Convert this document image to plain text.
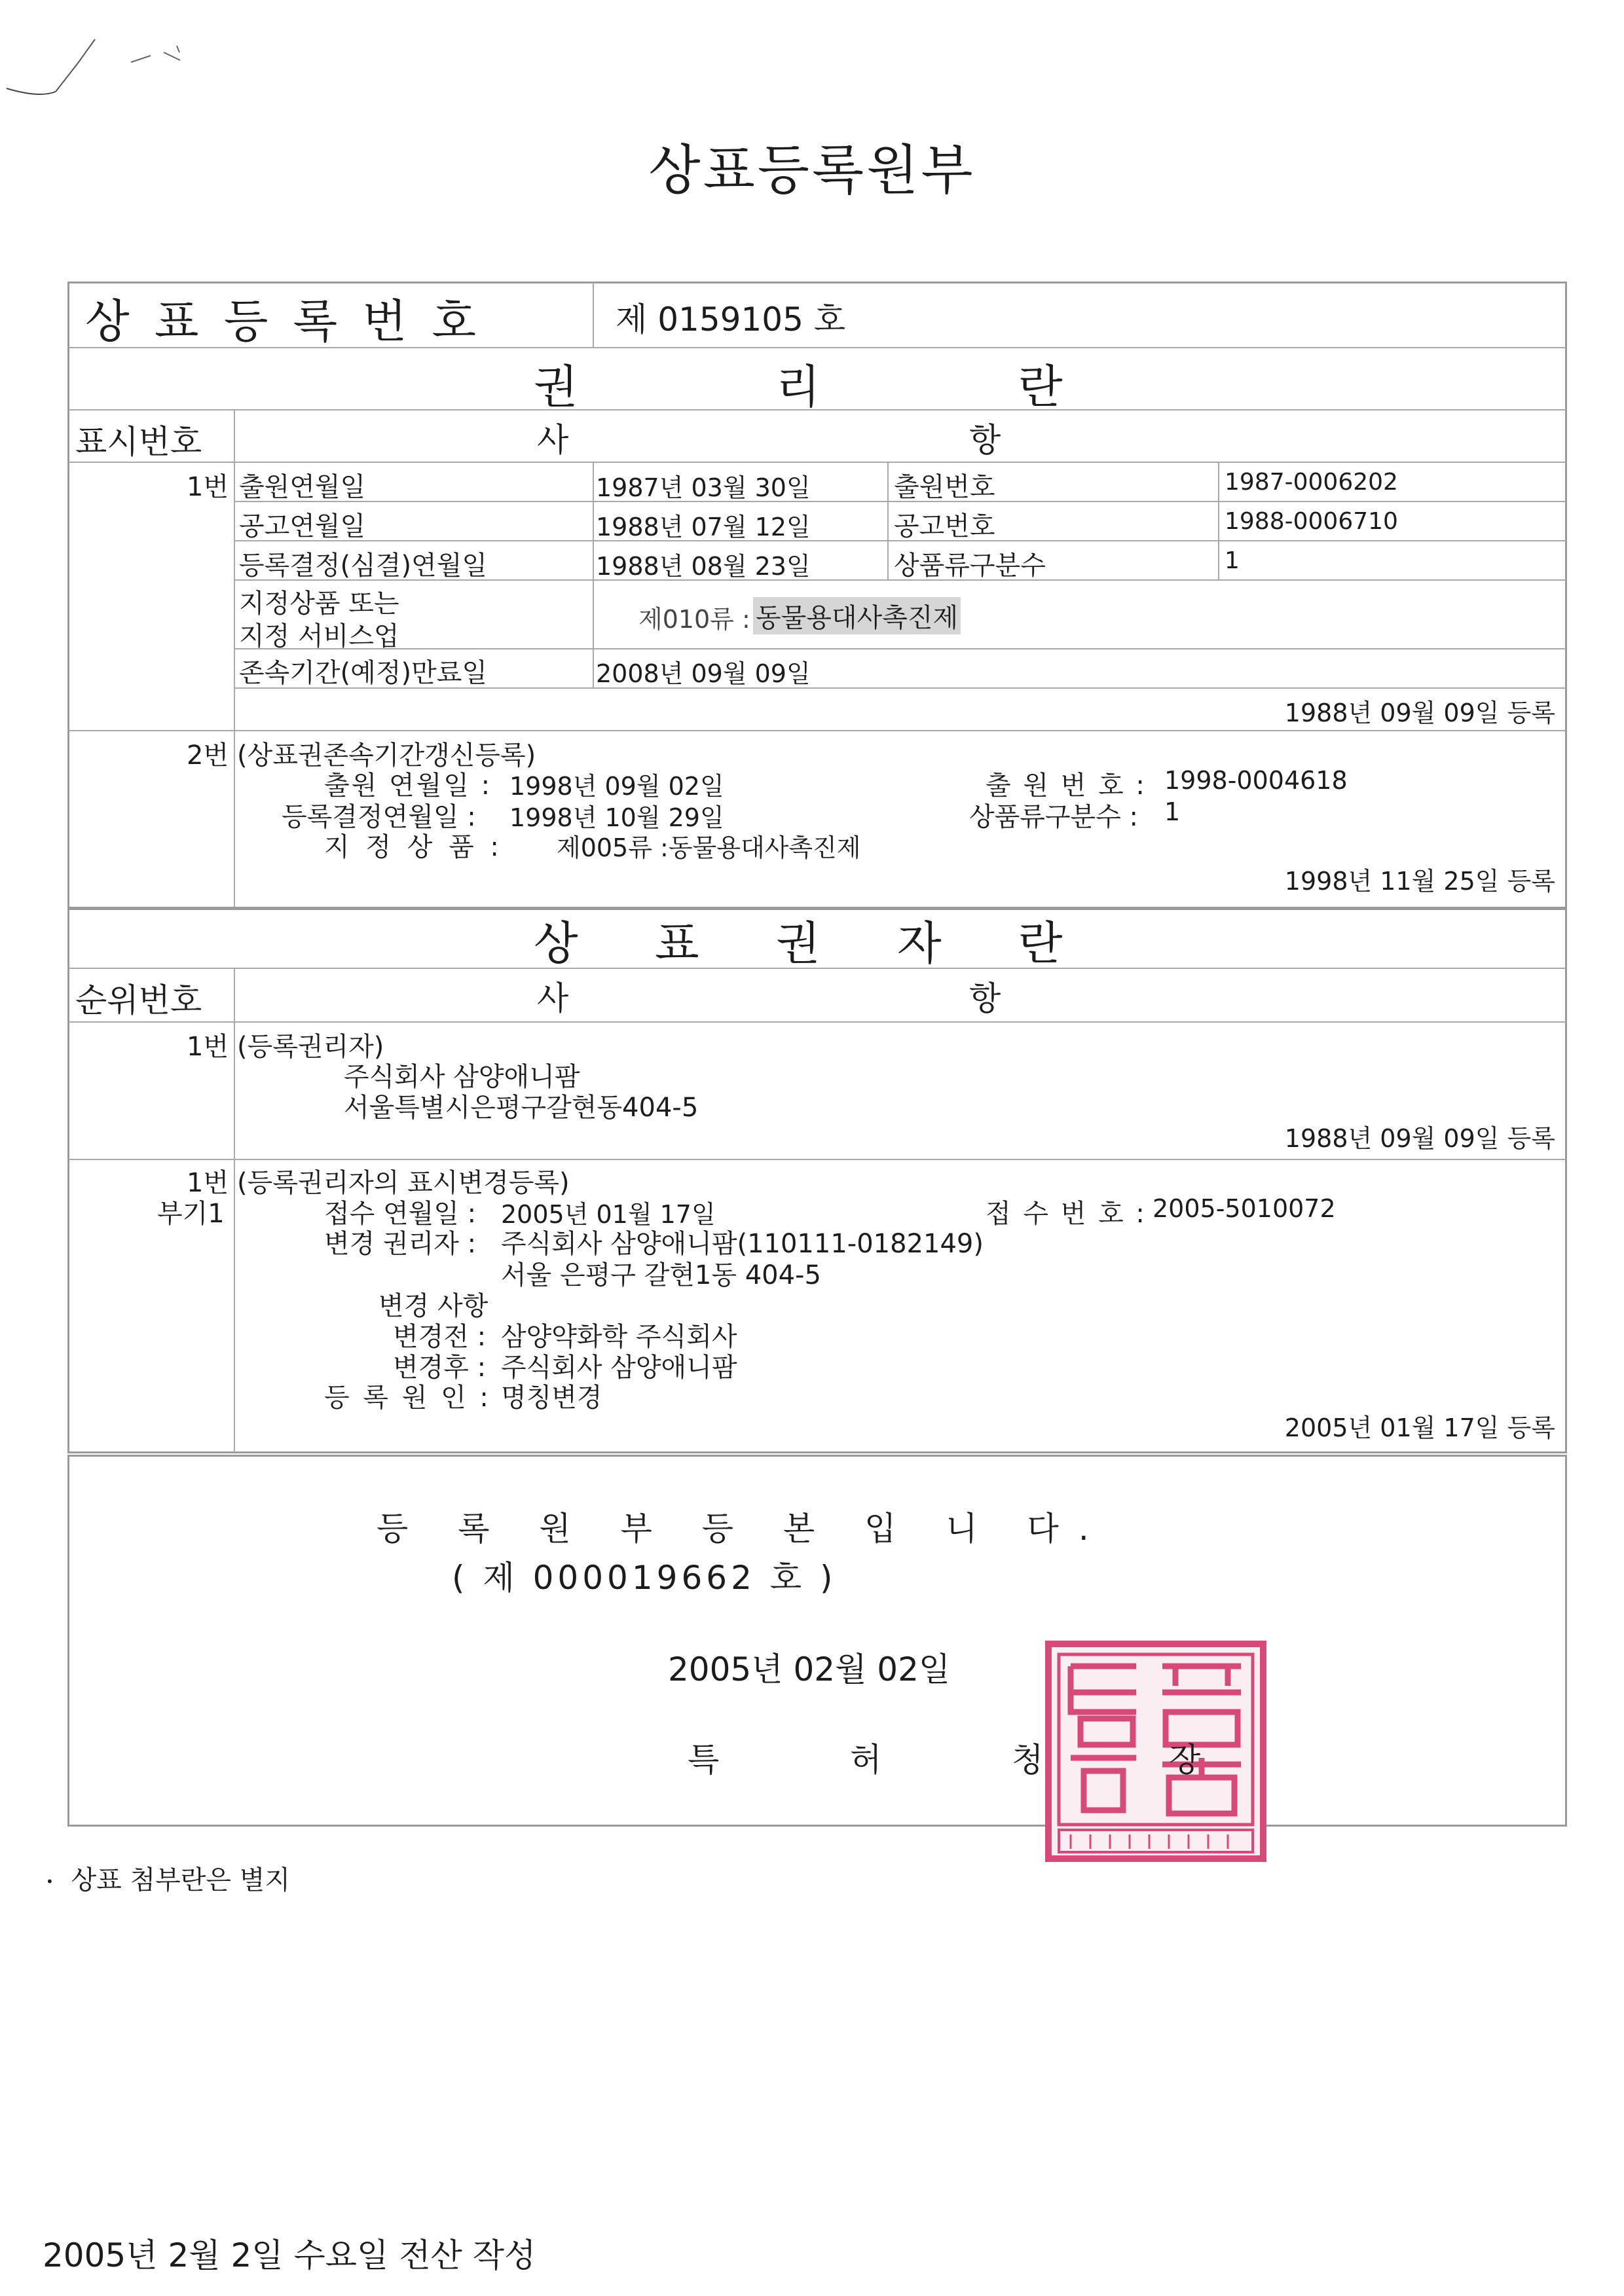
상표등록원부
상 표 등 록 번 호	제 0159105 호
권	리	란
표시번호	사	항
1번 출원연월일	1987년 03월 30일	출원번호	1987-0006202
공고연월일	1988년 07월 12일	공고번호	1988-0006710
등록결정(심결)연월일	1988년 08월 23일	상품류구분수	1
지정상품 또는
지정 서비스업
제010류 : 동물용대사촉진제
존속기간(예정)만료일	2008년 09월 09일
1988년 09월 09일 등록
2번 (상표권존속기간갱신등록)
출원 연월일 : 1998년 09월 02일	출 원 번 호 : 1998-0004618
등록결정연월일 : 1998년 10월 29일	상품류구분수 : 1
지 정 상 품 : 제005류 :동물용대사촉진제
1998년 11월 25일 등록
상 표 권 자 란
순위번호	사	항
1번 (등록권리자)
주식회사 삼양애니팜
서울특별시은평구갈현동404-5
1988년 09월 09일 등록
1번
부기1
(등록권리자의 표시변경등록)
접수 연월일 : 2005년 01월 17일	접 수 번 호 : 2005-5010072
변경 권리자 : 주식회사 삼양애니팜(110111-0182149)
서울 은평구 갈현1동 404-5
변경 사항
변경전 : 삼양약화학 주식회사
변경후 : 주식회사 삼양애니팜
등 록 원 인 : 명칭변경
2005년 01월 17일 등록
등 록 원 부 등 본 입 니 다.
( 제 000019662 호 )
2005년 02월 02일
특	허	청	장
• 상표 첨부란은 별지
2005년 2월 2일 수요일 전산 작성
